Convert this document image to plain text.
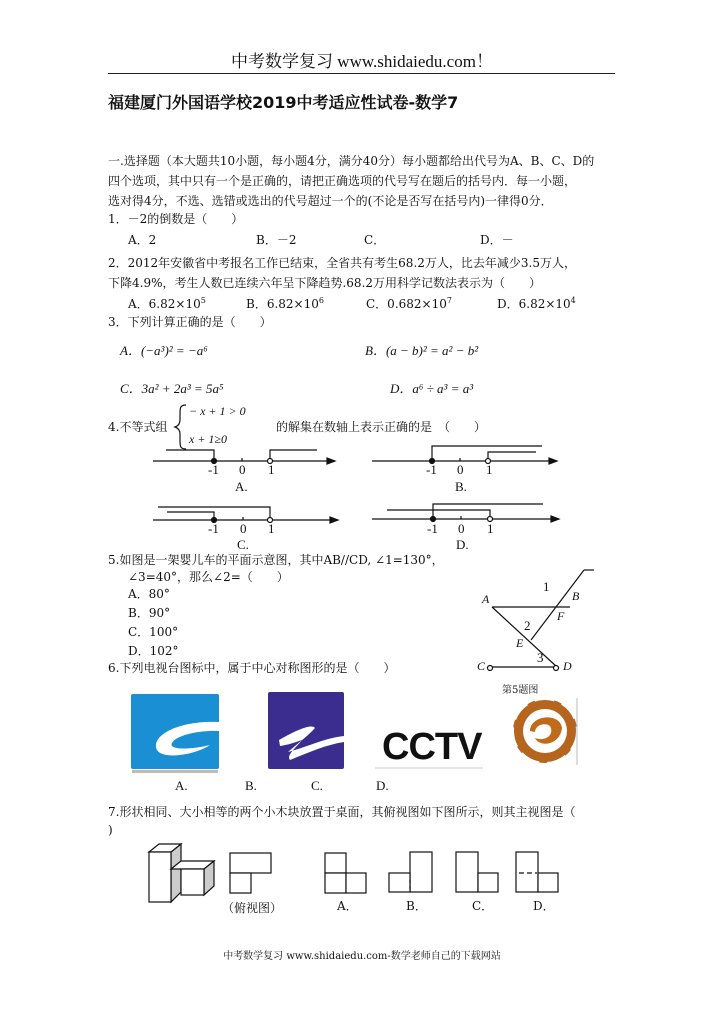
中考数学复习 www.shidaiedu.com！
福建厦门外国语学校2019中考适应性试卷-数学7
一.选择题（本大题共10小题，每小题4分，满分40分）每小题都给出代号为A、B、C、D的
四个选项，其中只有一个是正确的，请把正确选项的代号写在题后的括号内．每一小题，
选对得4分，不选、选错或选出的代号超过一个的(不论是否写在括号内)一律得0分．
1．－2的倒数是（　　）
A．2	B．－2	C．	D．－
2．2012年安徽省中考报名工作已结束，全省共有考生68.2万人，比去年减少3.5万人，
下降4.9%，考生人数已连续六年呈下降趋势.68.2万用科学记数法表示为（　　）
A．$6.82\times 10^5$	B．$6.82\times 10^6$	C．$0.682\times 10^7$	D．$6.82\times 10^4$
3．下列计算正确的是（　　）
A．(−a³)² = −a⁶	B．(a − b)² = a² − b²
C．3a² + 2a³ = 5a⁵	D．a⁶ ÷ a³ = a³
4.不等式组
− x + 1 > 0
x + 1≥0
的解集在数轴上表示正确的是　（　　）
-1 0 1	-1 0 1
A.	B.
-1 0 1	-1 0 1
C.	D.
5.如图是一架婴儿车的平面示意图，其中AB//CD, ∠1=130°，
∠3=40°，那么∠2=（　　）
A．80°
B．90°
C．100°
D．102°
A	B
C	D
E
F
1
2
3
第5题图
6.下列电视台图标中，属于中心对称图形的是（　　）
CCTV
A.	B.	C.	D.
7.形状相同、大小相等的两个小木块放置于桌面，其俯视图如下图所示，则其主视图是（
)
（俯视图）	A．	B．	C．	D．
中考数学复习 www.shidaiedu.com-数学老师自己的下载网站
